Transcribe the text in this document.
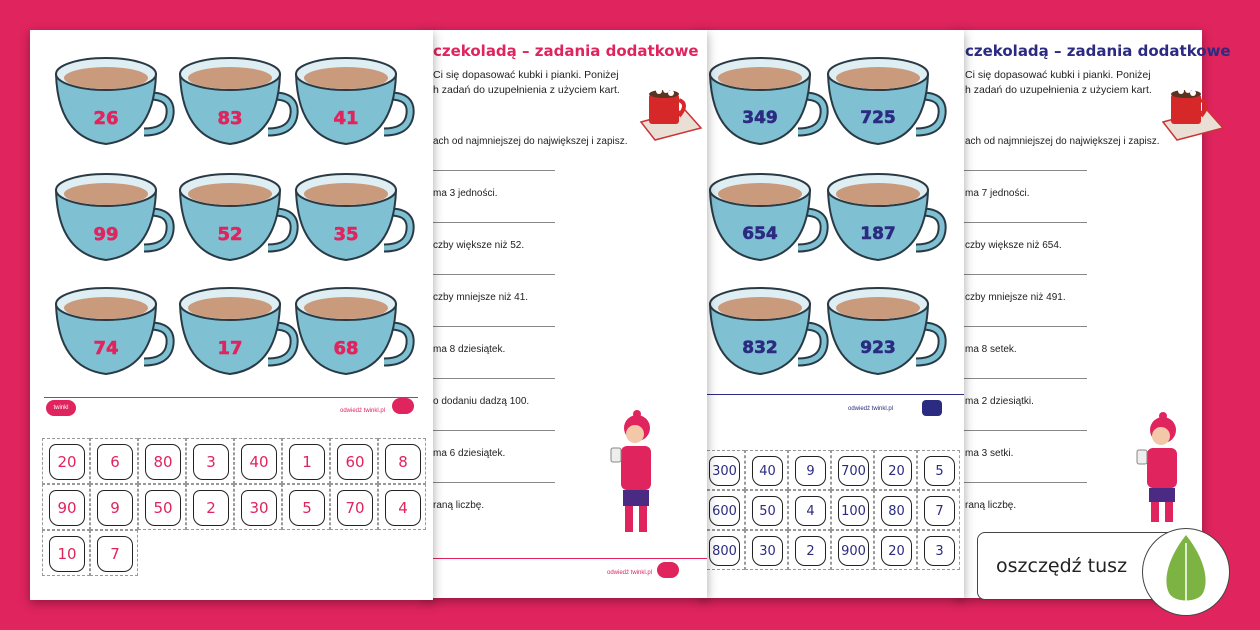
czekoladą – zadania dodatkowe
Ci się dopasować kubki i pianki. Poniżej
h zadań do uzupełnienia z użyciem kart.
ach od najmniejszej do największej i zapisz.
ma 7 jedności.
czby większe niż 654.
czby mniejsze niż 491.
ma 8 setek.
ma 2 dziesiątki.
ma 3 setki.
raną liczbę.
349	725
654	187
832	923
odwiedź twinkl.pl
300	40	9	700	20	5
600	50	4	100	80	7
800	30	2	900	20	3
czekoladą – zadania dodatkowe
Ci się dopasować kubki i pianki. Poniżej
h zadań do uzupełnienia z użyciem kart.
ach od najmniejszej do największej i zapisz.
ma 3 jedności.
czby większe niż 52.
czby mniejsze niż 41.
ma 8 dziesiątek.
o dodaniu dadzą 100.
ma 6 dziesiątek.
raną liczbę.
odwiedź twinkl.pl
26	83	41
99	52	35
74	17	68
twinkl	odwiedź twinkl.pl
20	6	80	3	40	1	60	8
90	9	50	2	30	5	70	4
10	7
oszczędź tusz
